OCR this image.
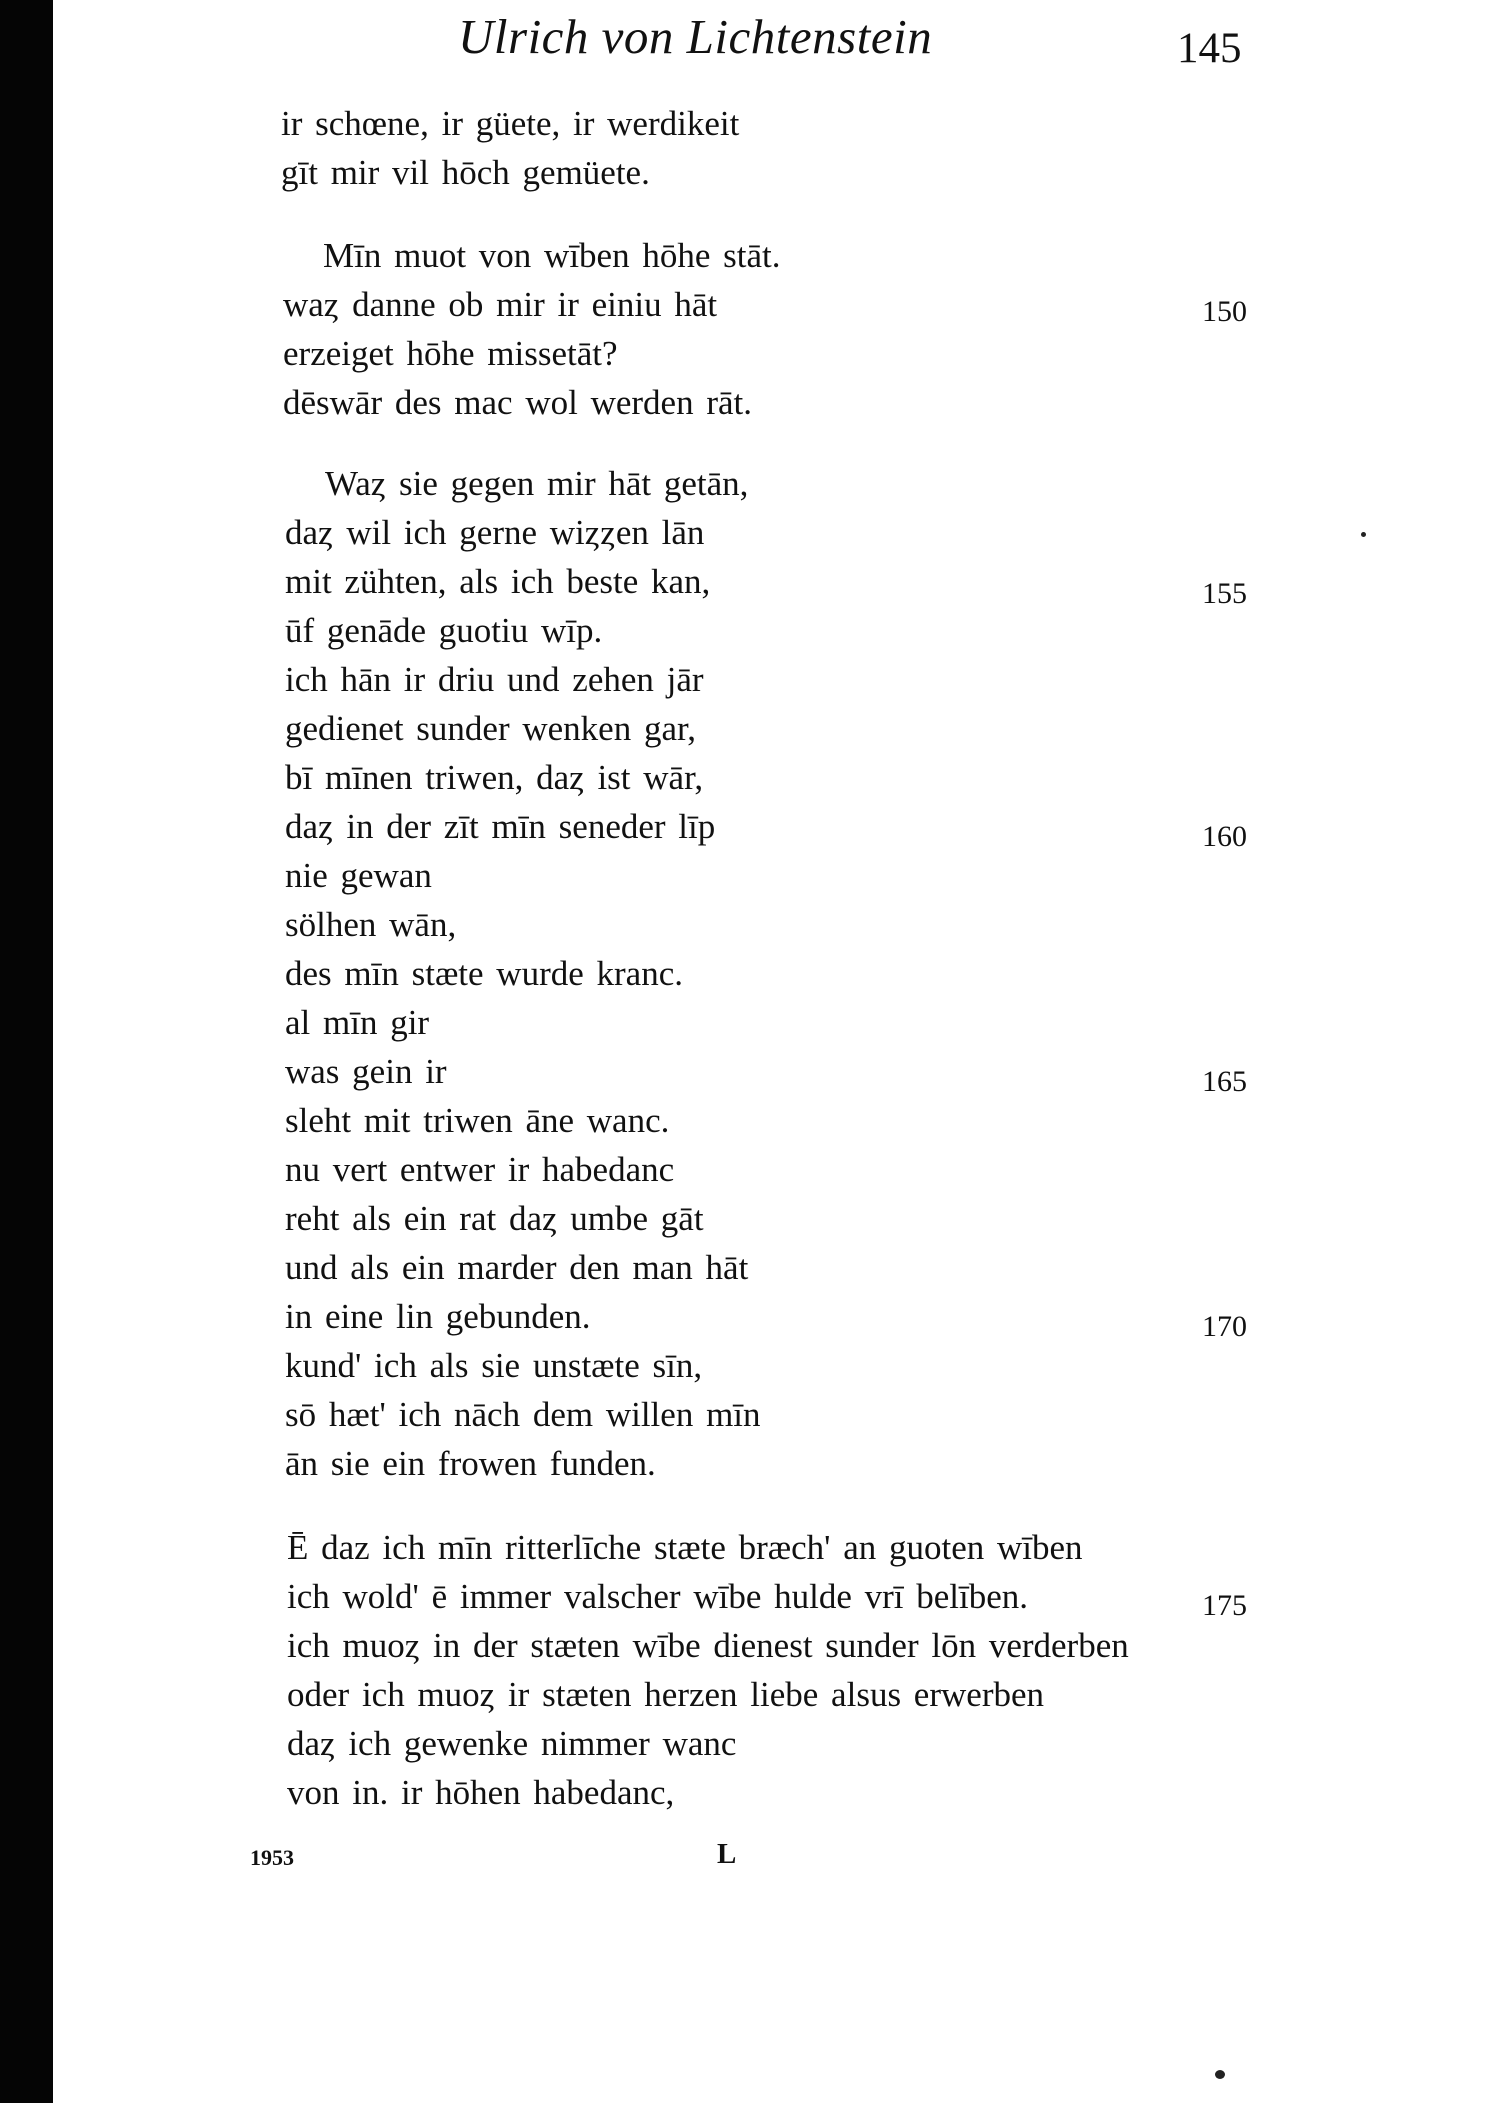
Ulrich von Lichtenstein	145
ir schœne, ir güete, ir werdikeit
gīt mir vil hōch gemüete.
Mīn muot von wīben hōhe stāt.
waȥ danne ob mir ir einiu hāt
erzeiget hōhe missetāt?
dēswār des mac wol werden rāt.
Waȥ sie gegen mir hāt getān,
daȥ wil ich gerne wiȥȥen lān
mit zühten, als ich beste kan,
ūf genāde guotiu wīp.
ich hān ir driu und zehen jār
gedienet sunder wenken gar,
bī mīnen triwen, daȥ ist wār,
daȥ in der zīt mīn seneder līp
nie gewan
sölhen wān,
des mīn stæte wurde kranc.
al mīn gir
was gein ir
sleht mit triwen āne wanc.
nu vert entwer ir habedanc
reht als ein rat daȥ umbe gāt
und als ein marder den man hāt
in eine lin gebunden.
kund' ich als sie unstæte sīn,
sō hæt' ich nāch dem willen mīn
ān sie ein frowen funden.
Ē daz ich mīn ritterlīche stæte bræch' an guoten wīben
ich wold' ē immer valscher wībe hulde vrī belīben.
ich muoȥ in der stæten wībe dienest sunder lōn verderben
oder ich muoȥ ir stæten herzen liebe alsus erwerben
daȥ ich gewenke nimmer wanc
von in. ir hōhen habedanc,
150
155
160
165
170
175
1953	L
